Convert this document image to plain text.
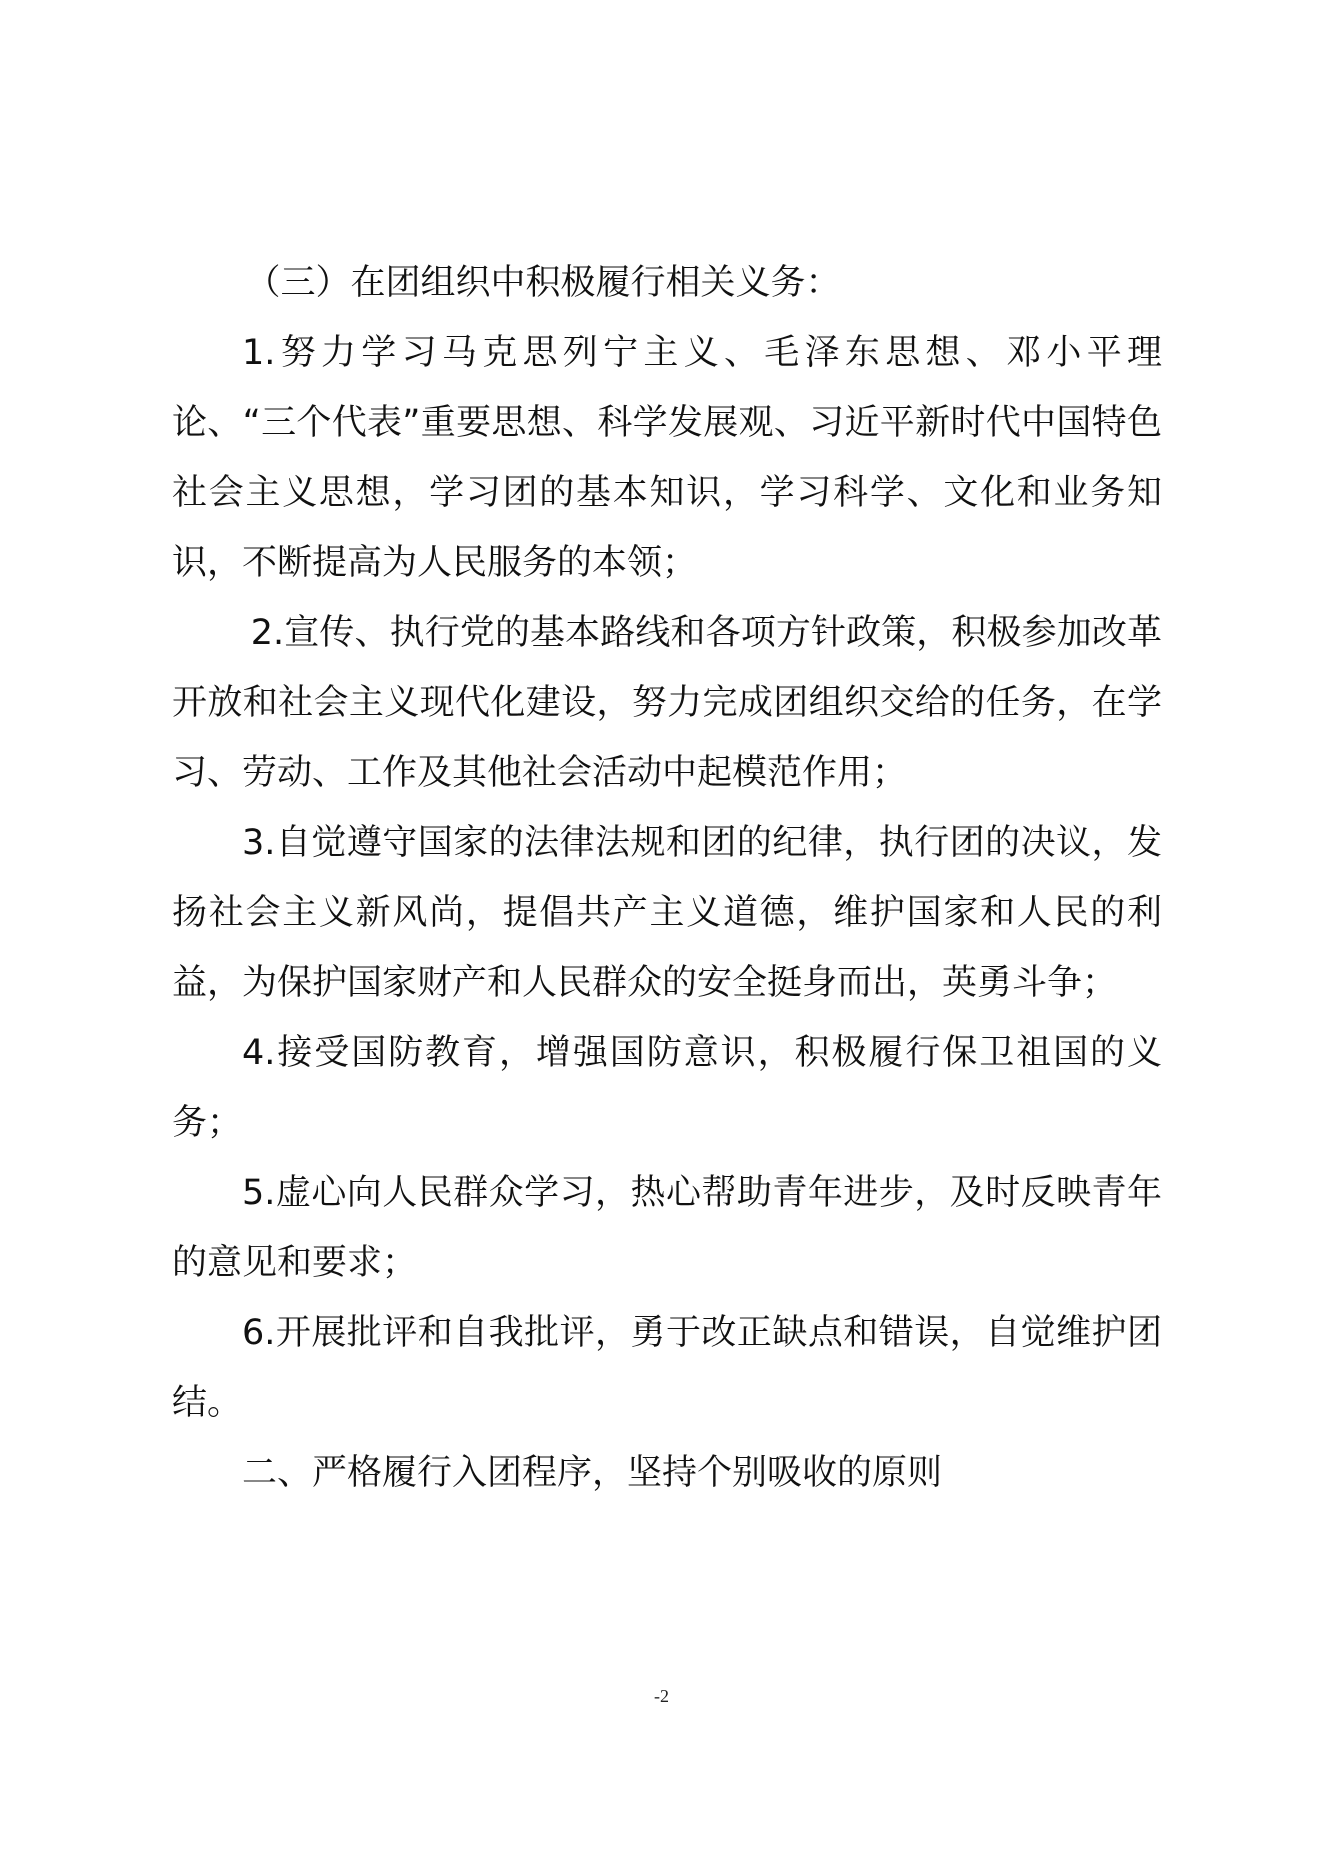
（三）在团组织中积极履行相关义务：

1.努力学习马克思列宁主义、毛泽东思想、邓小平理论、“三个代表”重要思想、科学发展观、习近平新时代中国特色社会主义思想，学习团的基本知识，学习科学、文化和业务知识，不断提高为人民服务的本领；

2.宣传、执行党的基本路线和各项方针政策，积极参加改革开放和社会主义现代化建设，努力完成团组织交给的任务，在学习、劳动、工作及其他社会活动中起模范作用；

3.自觉遵守国家的法律法规和团的纪律，执行团的决议，发扬社会主义新风尚，提倡共产主义道德，维护国家和人民的利益，为保护国家财产和人民群众的安全挺身而出，英勇斗争；

4.接受国防教育，增强国防意识，积极履行保卫祖国的义务；

5.虚心向人民群众学习，热心帮助青年进步，及时反映青年的意见和要求；

6.开展批评和自我批评，勇于改正缺点和错误，自觉维护团结。

二、严格履行入团程序，坚持个别吸收的原则

-2
